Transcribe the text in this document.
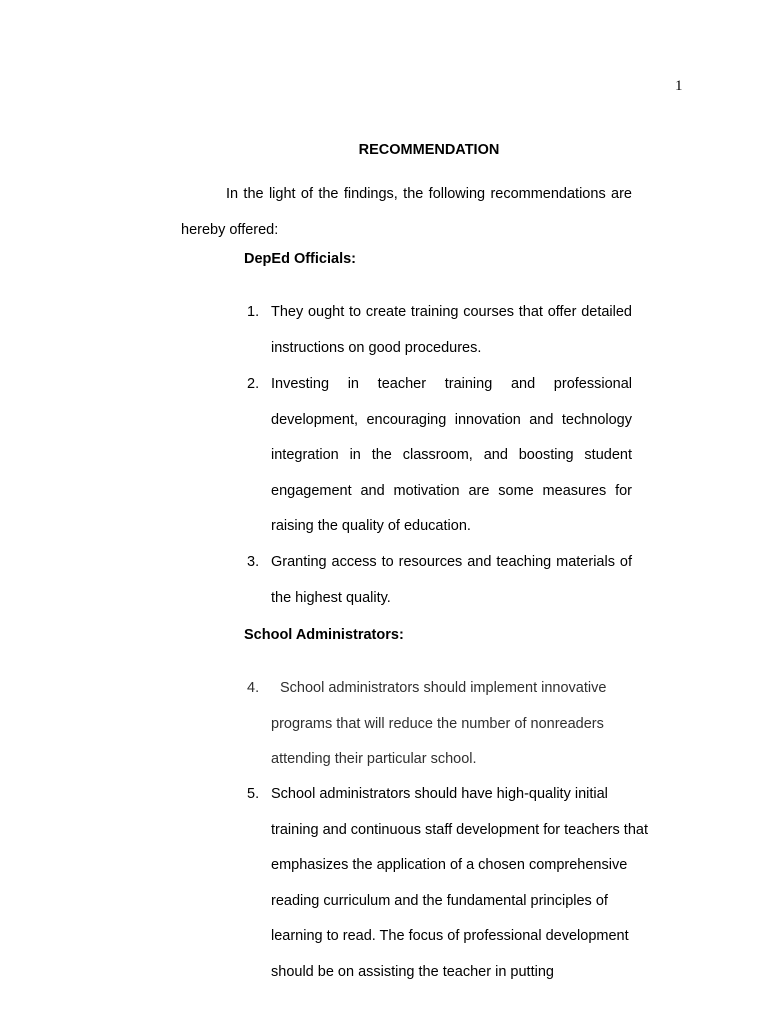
1
RECOMMENDATION

In the light of the findings, the following recommendations are hereby offered:

DepEd Officials:
1. They ought to create training courses that offer detailed instructions on good procedures.
2. Investing in teacher training and professional development, encouraging innovation and technology integration in the classroom, and boosting student engagement and motivation are some measures for raising the quality of education.
3. Granting access to resources and teaching materials of the highest quality.
School Administrators:
4.	School administrators should implement innovative programs that will reduce the number of nonreaders attending their particular school.
5. School administrators should have high-quality initial training and continuous staff development for teachers that emphasizes the application of a chosen comprehensive reading curriculum and the fundamental principles of learning to read. The focus of professional development should be on assisting the teacher in putting
